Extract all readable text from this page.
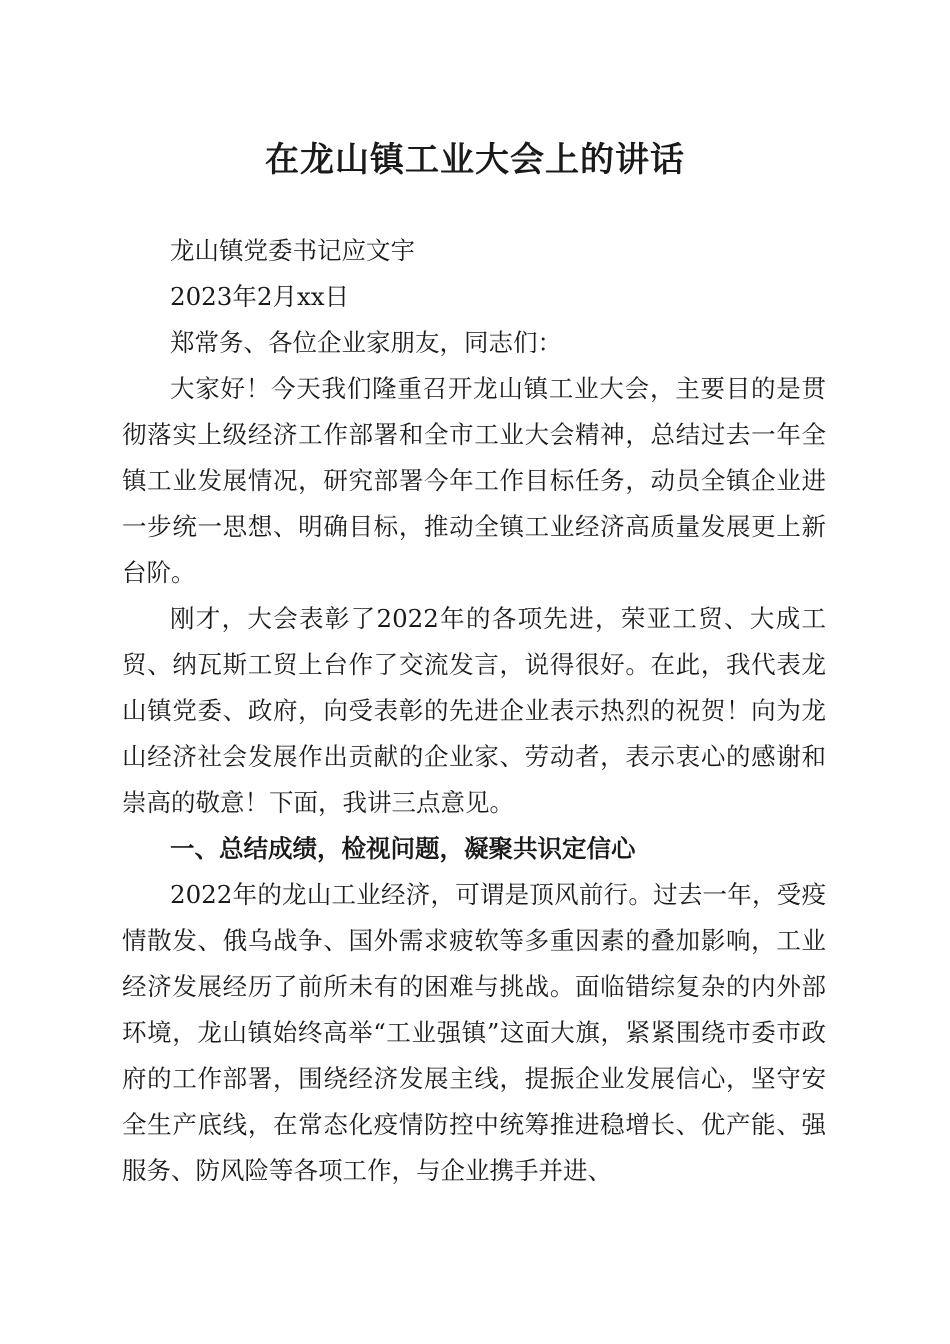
在龙山镇工业大会上的讲话

龙山镇党委书记应文宇

2023年2月xx日

郑常务、各位企业家朋友，同志们：

大家好！今天我们隆重召开龙山镇工业大会，主要目的是贯彻落实上级经济工作部署和全市工业大会精神，总结过去一年全镇工业发展情况，研究部署今年工作目标任务，动员全镇企业进一步统一思想、明确目标，推动全镇工业经济高质量发展更上新台阶。

刚才，大会表彰了2022年的各项先进，荣亚工贸、大成工贸、纳瓦斯工贸上台作了交流发言，说得很好。在此，我代表龙山镇党委、政府，向受表彰的先进企业表示热烈的祝贺！向为龙山经济社会发展作出贡献的企业家、劳动者，表示衷心的感谢和崇高的敬意！下面，我讲三点意见。

一、总结成绩，检视问题，凝聚共识定信心

2022年的龙山工业经济，可谓是顶风前行。过去一年，受疫情散发、俄乌战争、国外需求疲软等多重因素的叠加影响，工业经济发展经历了前所未有的困难与挑战。面临错综复杂的内外部环境，龙山镇始终高举“工业强镇”这面大旗，紧紧围绕市委市政府的工作部署，围绕经济发展主线，提振企业发展信心，坚守安全生产底线，在常态化疫情防控中统筹推进稳增长、优产能、强服务、防风险等各项工作，与企业携手并进、
